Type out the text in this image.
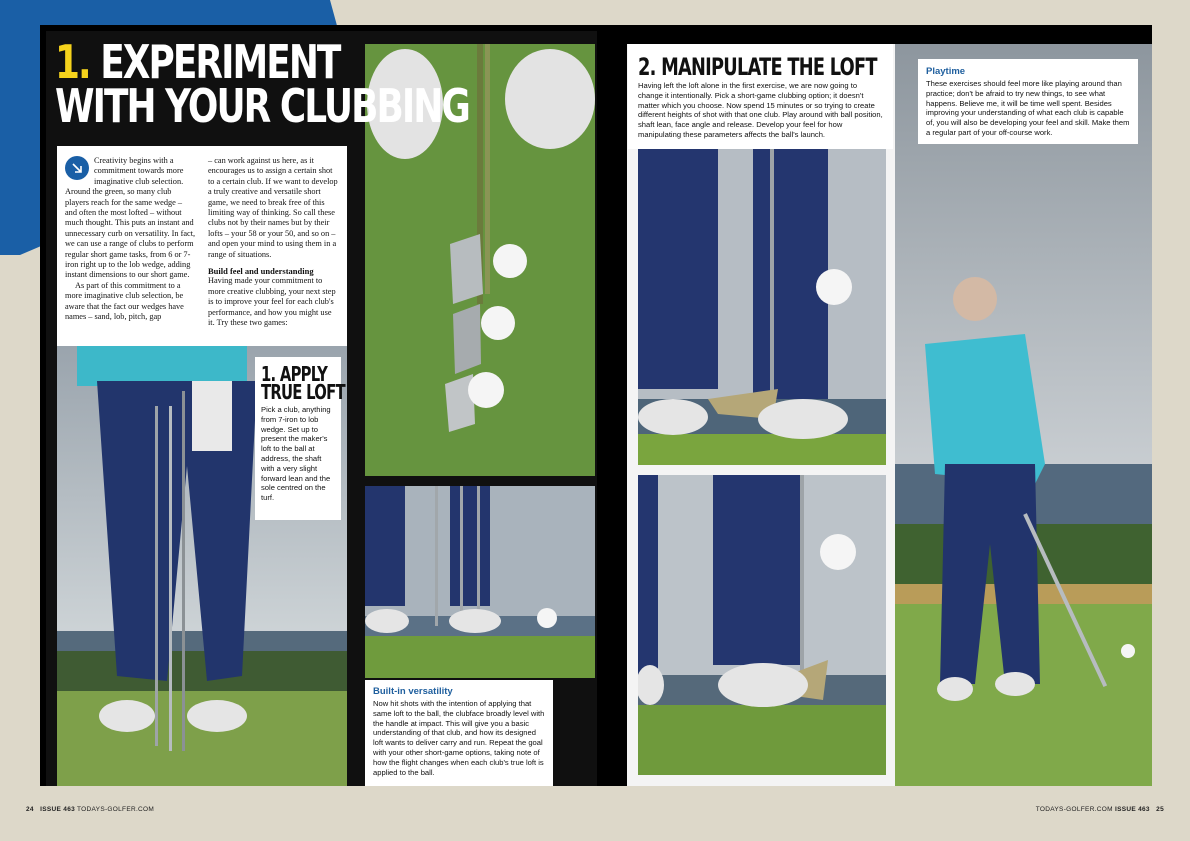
1. EXPERIMENT
WITH YOUR CLUBBING

Creativity begins with a commitment towards more imaginative club selection. Around the green, so many club players reach for the same wedge – and often the most lofted – without much thought. This puts an instant and unnecessary curb on versatility. In fact, we can use a range of clubs to perform regular short game tasks, from 6 or 7-iron right up to the lob wedge, adding instant dimensions to our short game.

As part of this commitment to a more imaginative club selection, be aware that the fact our wedges have names – sand, lob, pitch, gap

– can work against us here, as it encourages us to assign a certain shot to a certain club. If we want to develop a truly creative and versatile short game, we need to break free of this limiting way of thinking. So call these clubs not by their names but by their lofts – your 58 or your 50, and so on – and open your mind to using them in a range of situations.

Build feel and understanding

Having made your commitment to more creative clubbing, your next step is to improve your feel for each club's performance, and how you might use it. Try these two games:

1. APPLY
TRUE LOFT
Pick a club, anything from 7-iron to lob wedge. Set up to present the maker's loft to the ball at address, the shaft with a very slight forward lean and the sole centred on the turf.
Built-in versatility
Now hit shots with the intention of applying that same loft to the ball, the clubface broadly level with the handle at impact. This will give you a basic understanding of that club, and how its designed loft wants to deliver carry and run. Repeat the goal with your other short-game options, taking note of how the flight changes when each club's true loft is applied to the ball.
2. MANIPULATE THE LOFT
Having left the loft alone in the first exercise, we are now going to change it intentionally. Pick a short-game clubbing option; it doesn't matter which you choose. Now spend 15 minutes or so trying to create different heights of shot with that one club. Play around with ball position, shaft lean, face angle and release. Develop your feel for how manipulating these parameters affects the ball's launch.
Playtime
These exercises should feel more like playing around than practice; don't be afraid to try new things, to see what happens. Believe me, it will be time well spent. Besides improving your understanding of what each club is capable of, you will also be developing your feel and skill. Make them a regular part of your off-course work.
24 ISSUE 463 TODAYS-GOLFER.COM	TODAYS-GOLFER.COM ISSUE 463 25
